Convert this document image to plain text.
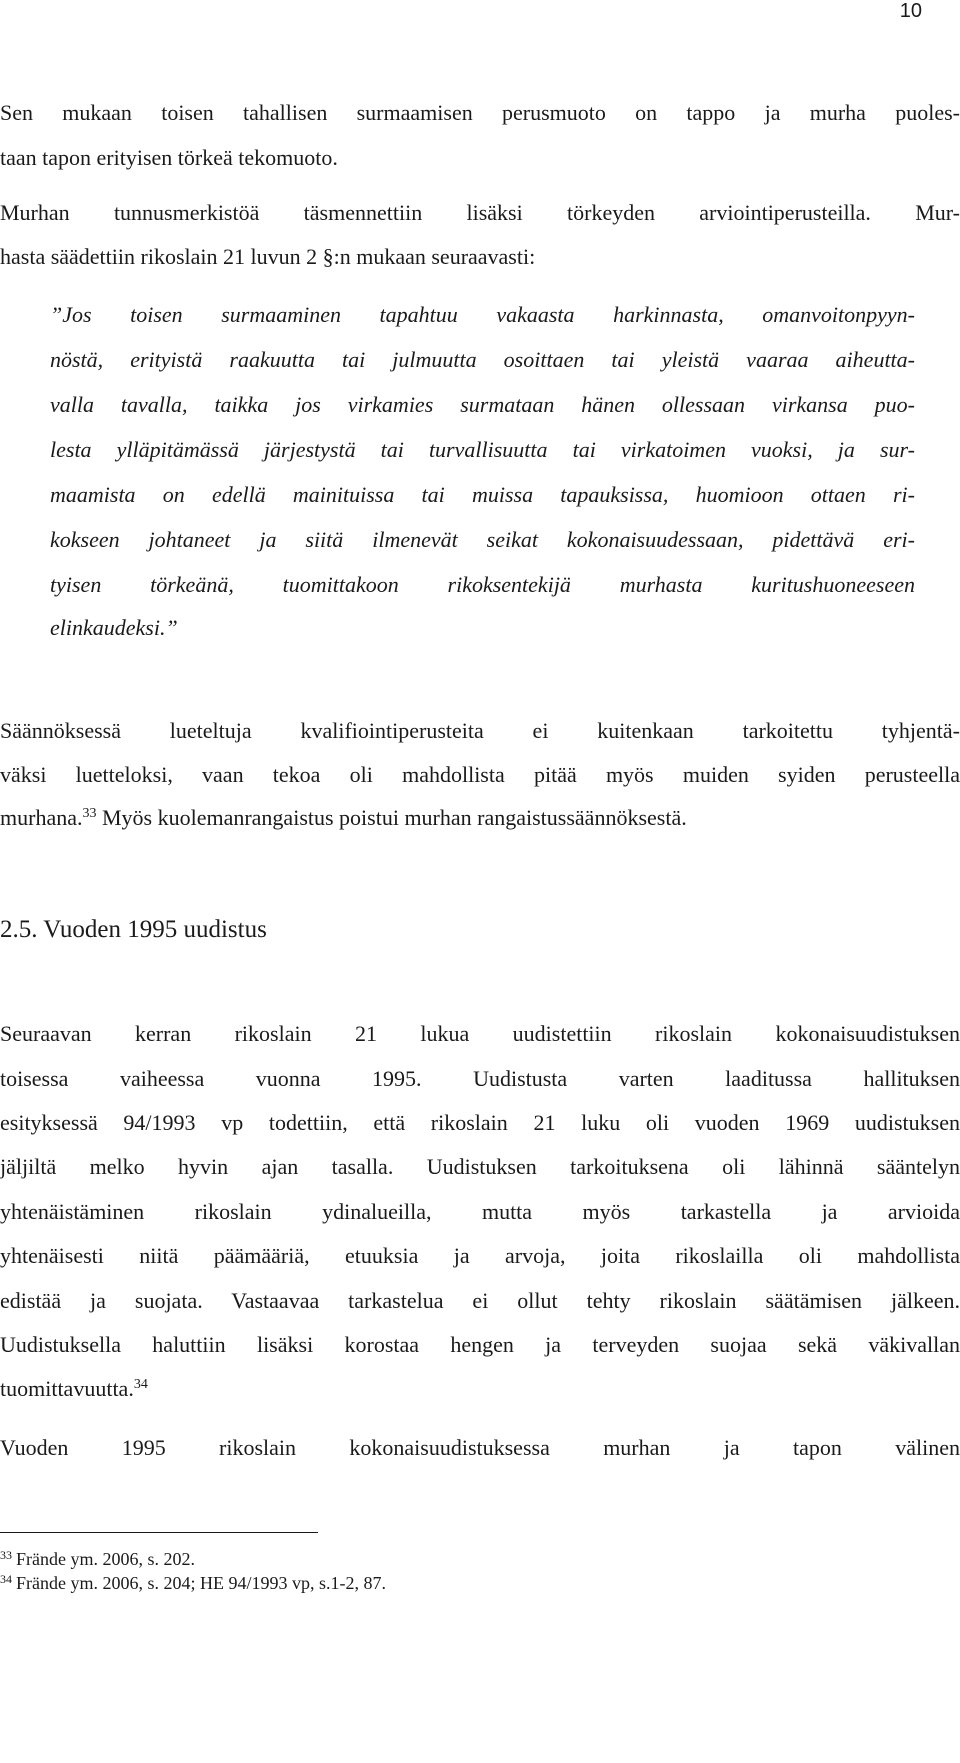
10
Sen mukaan toisen tahallisen surmaamisen perusmuoto on tappo ja murha puoles-
taan tapon erityisen törkeä tekomuoto.
Murhan tunnusmerkistöä täsmennettiin lisäksi törkeyden arviointiperusteilla. Mur-
hasta säädettiin rikoslain 21 luvun 2 §:n mukaan seuraavasti:
”Jos toisen surmaaminen tapahtuu vakaasta harkinnasta, omanvoitonpyyn-
nöstä, erityistä raakuutta tai julmuutta osoittaen tai yleistä vaaraa aiheutta-
valla tavalla, taikka jos virkamies surmataan hänen ollessaan virkansa puo-
lesta ylläpitämässä järjestystä tai turvallisuutta tai virkatoimen vuoksi, ja sur-
maamista on edellä mainituissa tai muissa tapauksissa, huomioon ottaen ri-
kokseen johtaneet ja siitä ilmenevät seikat kokonaisuudessaan, pidettävä eri-
tyisen törkeänä, tuomittakoon rikoksentekijä murhasta kuritushuoneeseen
elinkaudeksi.”
Säännöksessä lueteltuja kvalifiointiperusteita ei kuitenkaan tarkoitettu tyhjentä-
väksi luetteloksi, vaan tekoa oli mahdollista pitää myös muiden syiden perusteella
murhana.$^{33}$ Myös kuolemanrangaistus poistui murhan rangaistussäännöksestä.
2.5. Vuoden 1995 uudistus
Seuraavan kerran rikoslain 21 lukua uudistettiin rikoslain kokonaisuudistuksen
toisessa vaiheessa vuonna 1995. Uudistusta varten laaditussa hallituksen
esityksessä 94/1993 vp todettiin, että rikoslain 21 luku oli vuoden 1969 uudistuksen
jäljiltä melko hyvin ajan tasalla. Uudistuksen tarkoituksena oli lähinnä sääntelyn
yhtenäistäminen rikoslain ydinalueilla, mutta myös tarkastella ja arvioida
yhtenäisesti niitä päämääriä, etuuksia ja arvoja, joita rikoslailla oli mahdollista
edistää ja suojata. Vastaavaa tarkastelua ei ollut tehty rikoslain säätämisen jälkeen.
Uudistuksella haluttiin lisäksi korostaa hengen ja terveyden suojaa sekä väkivallan
tuomittavuutta.$^{34}$
Vuoden 1995 rikoslain kokonaisuudistuksessa murhan ja tapon välinen
$^{33}$ Frände ym. 2006, s. 202.
$^{34}$ Frände ym. 2006, s. 204; HE 94/1993 vp, s.1-2, 87.
